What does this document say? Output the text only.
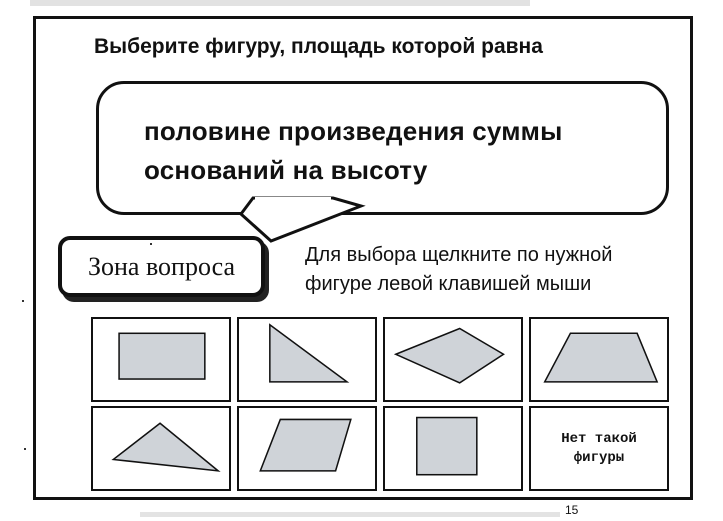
Выберите фигуру, площадь которой равна
половине произведения суммы
оснований на высоту
Зона вопроса	Для выбора щелкните по нужной
фигуре левой клавишей мыши
Нет такой
фигуры
15
